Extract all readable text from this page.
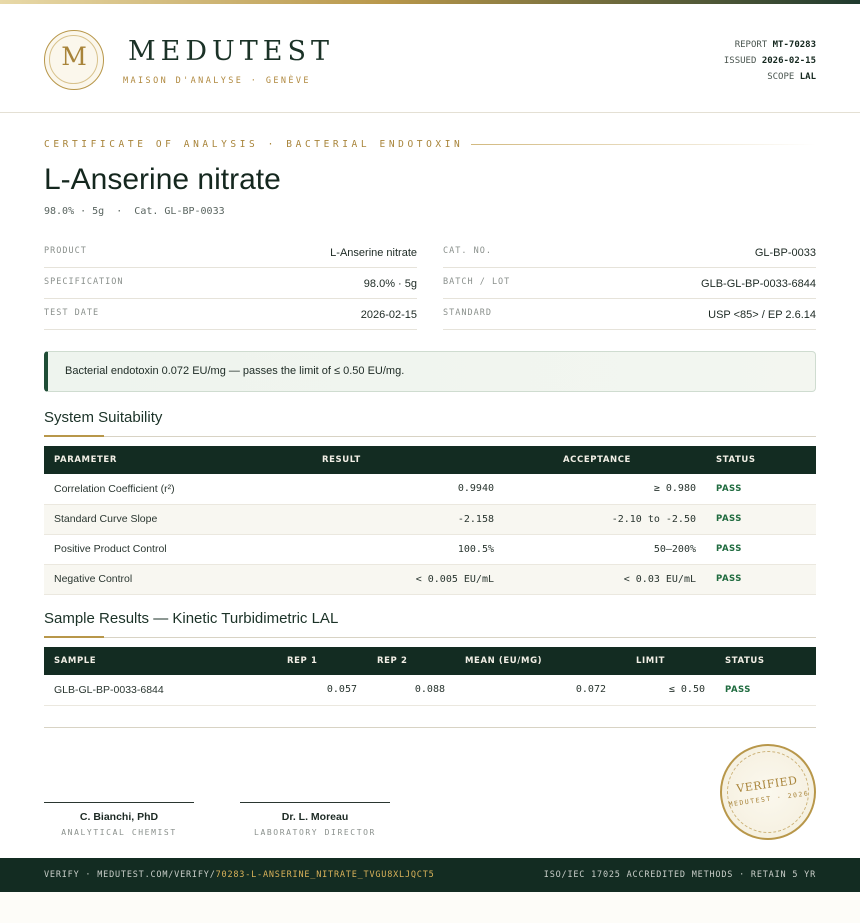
M	MEDUTEST
MAISON D'ANALYSE · GENÈVE
REPORT MT-70283
ISSUED 2026-02-15
SCOPE LAL
CERTIFICATE OF ANALYSIS · BACTERIAL ENDOTOXIN
L-Anserine nitrate
98.0% · 5g  ·  Cat. GL-BP-0033
PRODUCT	L-Anserine nitrate
SPECIFICATION	98.0% · 5g
TEST DATE	2026-02-15
CAT. NO.	GL-BP-0033
BATCH / LOT	GLB-GL-BP-0033-6844
STANDARD	USP <85> / EP 2.6.14
Bacterial endotoxin 0.072 EU/mg — passes the limit of ≤ 0.50 EU/mg.
System Suitability
PARAMETER	RESULT	ACCEPTANCE	STATUS
Correlation Coefficient (r²)	0.9940	≥ 0.980	PASS
Standard Curve Slope	-2.158	-2.10 to -2.50	PASS
Positive Product Control	100.5%	50–200%	PASS
Negative Control	< 0.005 EU/mL	< 0.03 EU/mL	PASS
Sample Results — Kinetic Turbidimetric LAL
SAMPLE	REP 1	REP 2	MEAN (EU/MG)	LIMIT	STATUS
GLB-GL-BP-0033-6844	0.057	0.088	0.072	≤ 0.50	PASS
C. Bianchi, PhD
ANALYTICAL CHEMIST
Dr. L. Moreau
LABORATORY DIRECTOR
VERIFIED
MEDUTEST · 2026
VERIFY · MEDUTEST.COM/VERIFY/70283-L-ANSERINE_NITRATE_TVGU8XLJQCT5	ISO/IEC 17025 ACCREDITED METHODS · RETAIN 5 YR
